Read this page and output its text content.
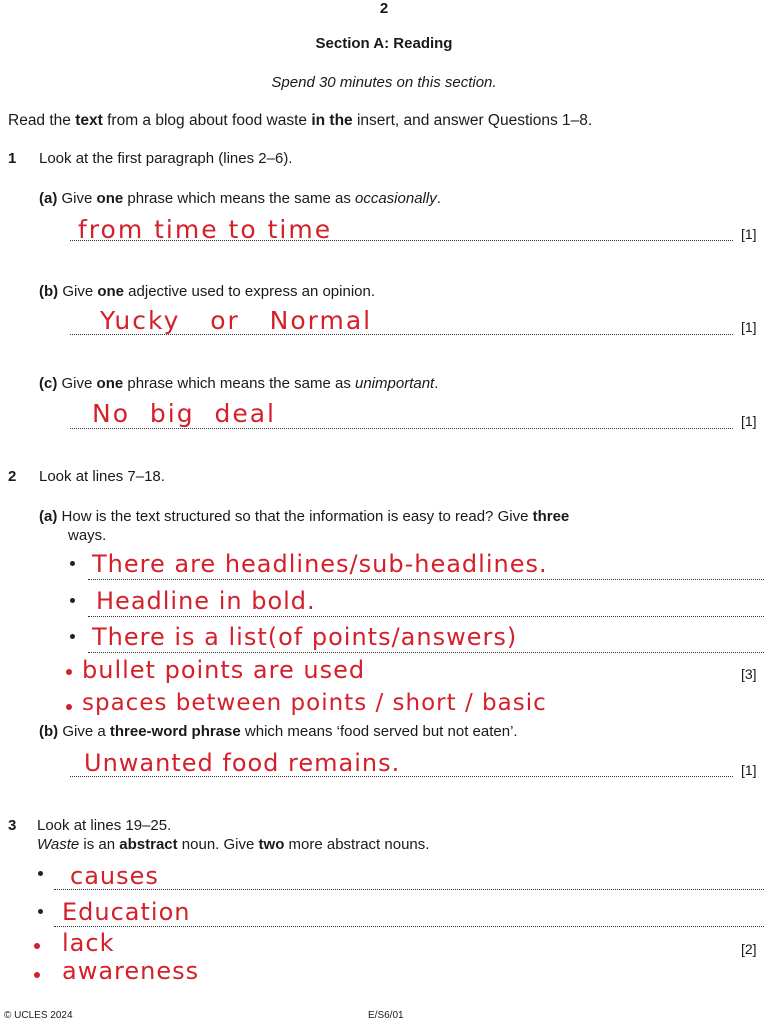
2
Section A: Reading
Spend 30 minutes on this section.
Read the text from a blog about food waste in the insert, and answer Questions 1–8.
1 Look at the first paragraph (lines 2–6).
(a) Give one phrase which means the same as occasionally.
from time to time	[1]
(b) Give one adjective used to express an opinion.
Yucky   or   Normal	[1]
(c) Give one phrase which means the same as unimportant.
No  big  deal	[1]
2 Look at lines 7–18.
(a) How is the text structured so that the information is easy to read? Give three
ways.
There are headlines/sub-headlines.
Headline in bold.
There is a list(of points/answers)
bullet points are used	[3]
spaces between points / short / basic
(b) Give a three-word phrase which means ‘food served but not eaten’.
Unwanted food remains.	[1]
3 Look at lines 19–25.
Waste is an abstract noun. Give two more abstract nouns.
causes
Education
lack	[2]
awareness
© UCLES 2024	E/S6/01
